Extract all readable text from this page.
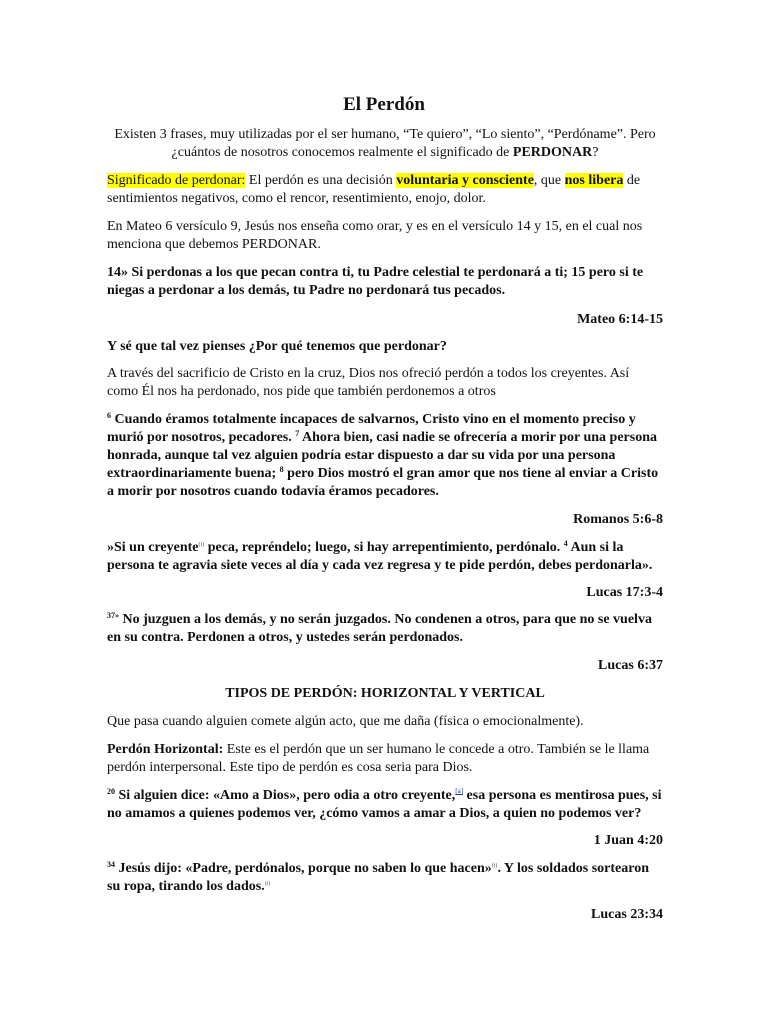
El Perdón
Existen 3 frases, muy utilizadas por el ser humano, “Te quiero”, “Lo siento”, “Perdóname”. Pero ¿cuántos de nosotros conocemos realmente el significado de PERDONAR?
Significado de perdonar: El perdón es una decisión voluntaria y consciente, que nos libera de sentimientos negativos, como el rencor, resentimiento, enojo, dolor.
En Mateo 6 versículo 9, Jesús nos enseña como orar, y es en el versículo 14 y 15, en el cual nos menciona que debemos PERDONAR.
14» Si perdonas a los que pecan contra ti, tu Padre celestial te perdonará a ti; 15 pero si te niegas a perdonar a los demás, tu Padre no perdonará tus pecados.
Mateo 6:14-15
Y sé que tal vez pienses ¿Por qué tenemos que perdonar?
A través del sacrificio de Cristo en la cruz, Dios nos ofreció perdón a todos los creyentes. Así como Él nos ha perdonado, nos pide que también perdonemos a otros
$^6$ Cuando éramos totalmente incapaces de salvarnos, Cristo vino en el momento preciso y murió por nosotros, pecadores. $^7$ Ahora bien, casi nadie se ofrecería a morir por una persona honrada, aunque tal vez alguien podría estar dispuesto a dar su vida por una persona extraordinariamente buena; $^8$ pero Dios mostró el gran amor que nos tiene al enviar a Cristo a morir por nosotros cuando todavía éramos pecadores.
Romanos 5:6-8
»Si un creyente$^{(i)}$ peca, repréndelo; luego, si hay arrepentimiento, perdónalo. $^4$ Aun si la persona te agravia siete veces al día y cada vez regresa y te pide perdón, debes perdonarla».
Lucas 17:3-4
$^{37»}$ No juzguen a los demás, y no serán juzgados. No condenen a otros, para que no se vuelva en su contra. Perdonen a otros, y ustedes serán perdonados.
Lucas 6:37
TIPOS DE PERDÓN: HORIZONTAL Y VERTICAL
Que pasa cuando alguien comete algún acto, que me daña (física o emocionalmente).
Perdón Horizontal: Este es el perdón que un ser humano le concede a otro. También se le llama perdón interpersonal. Este tipo de perdón es cosa seria para Dios.
$^{20}$ Si alguien dice: «Amo a Dios», pero odia a otro creyente,[a] esa persona es mentirosa pues, si no amamos a quienes podemos ver, ¿cómo vamos a amar a Dios, a quien no podemos ver?
1 Juan 4:20
$^{34}$ Jesús dijo: «Padre, perdónalos, porque no saben lo que hacen»$^{(i)}$. Y los soldados sortearon su ropa, tirando los dados.$^{(i)}$
Lucas 23:34
